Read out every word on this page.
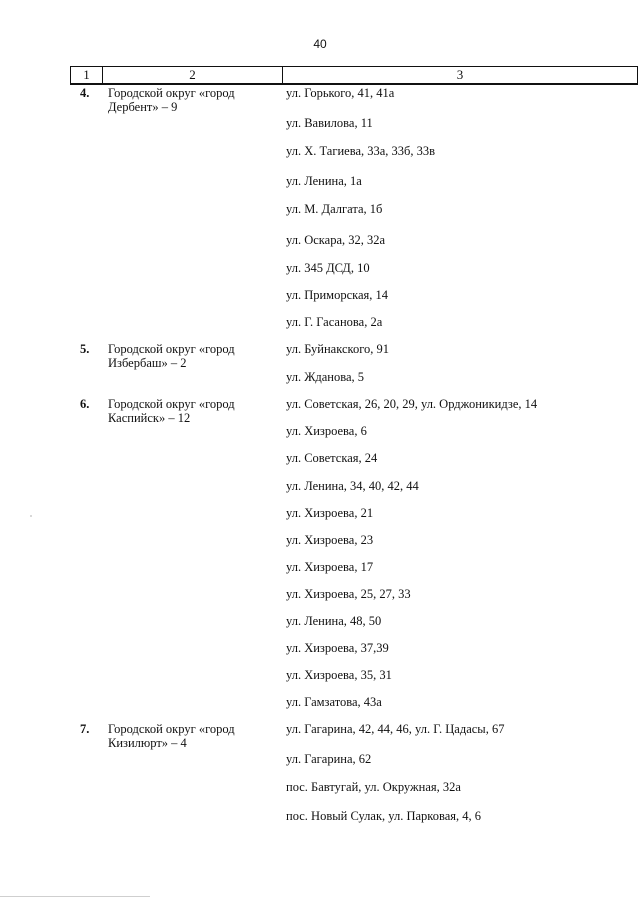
40
1	2	3
4. Городской округ «город Дербент» – 9
ул. Горького, 41, 41а
ул. Вавилова, 11
ул. Х. Тагиева, 33а, 33б, 33в
ул. Ленина, 1а
ул. М. Далгата, 1б
ул. Оскара, 32, 32а
ул. 345 ДСД, 10
ул. Приморская, 14
ул. Г. Гасанова, 2а
5. Городской округ «город Избербаш» – 2
ул. Буйнакского, 91
ул. Жданова, 5
6. Городской округ «город Каспийск» – 12
ул. Советская, 26, 20, 29, ул. Орджоникидзе, 14
ул. Хизроева, 6
ул. Советская, 24
ул. Ленина, 34, 40, 42, 44
ул. Хизроева, 21
ул. Хизроева, 23
ул. Хизроева, 17
ул. Хизроева, 25, 27, 33
ул. Ленина, 48, 50
ул. Хизроева, 37,39
ул. Хизроева, 35, 31
ул. Гамзатова, 43а
7. Городской округ «город Кизилюрт» – 4
ул. Гагарина, 42, 44, 46, ул. Г. Цадасы, 67
ул. Гагарина, 62
пос. Бавтугай, ул. Окружная, 32а
пос. Новый Сулак, ул. Парковая, 4, 6
